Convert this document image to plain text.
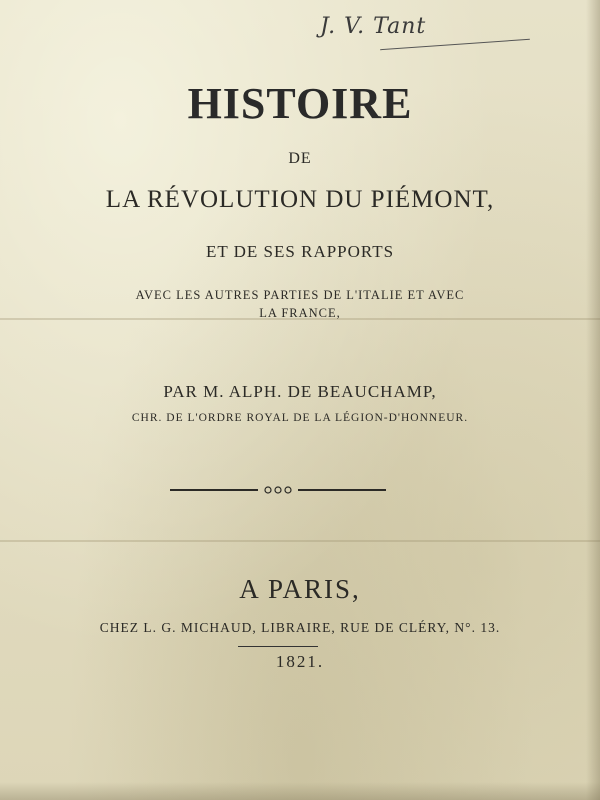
J. V. Tant
HISTOIRE
DE
LA RÉVOLUTION DU PIÉMONT,
ET DE SES RAPPORTS
AVEC LES AUTRES PARTIES DE L'ITALIE ET AVEC
LA FRANCE,
PAR M. ALPH. DE BEAUCHAMP,
CHR. DE L'ORDRE ROYAL DE LA LÉGION-D'HONNEUR.
A PARIS,
CHEZ L. G. MICHAUD, LIBRAIRE, RUE DE CLÉRY, N°. 13.
1821.
